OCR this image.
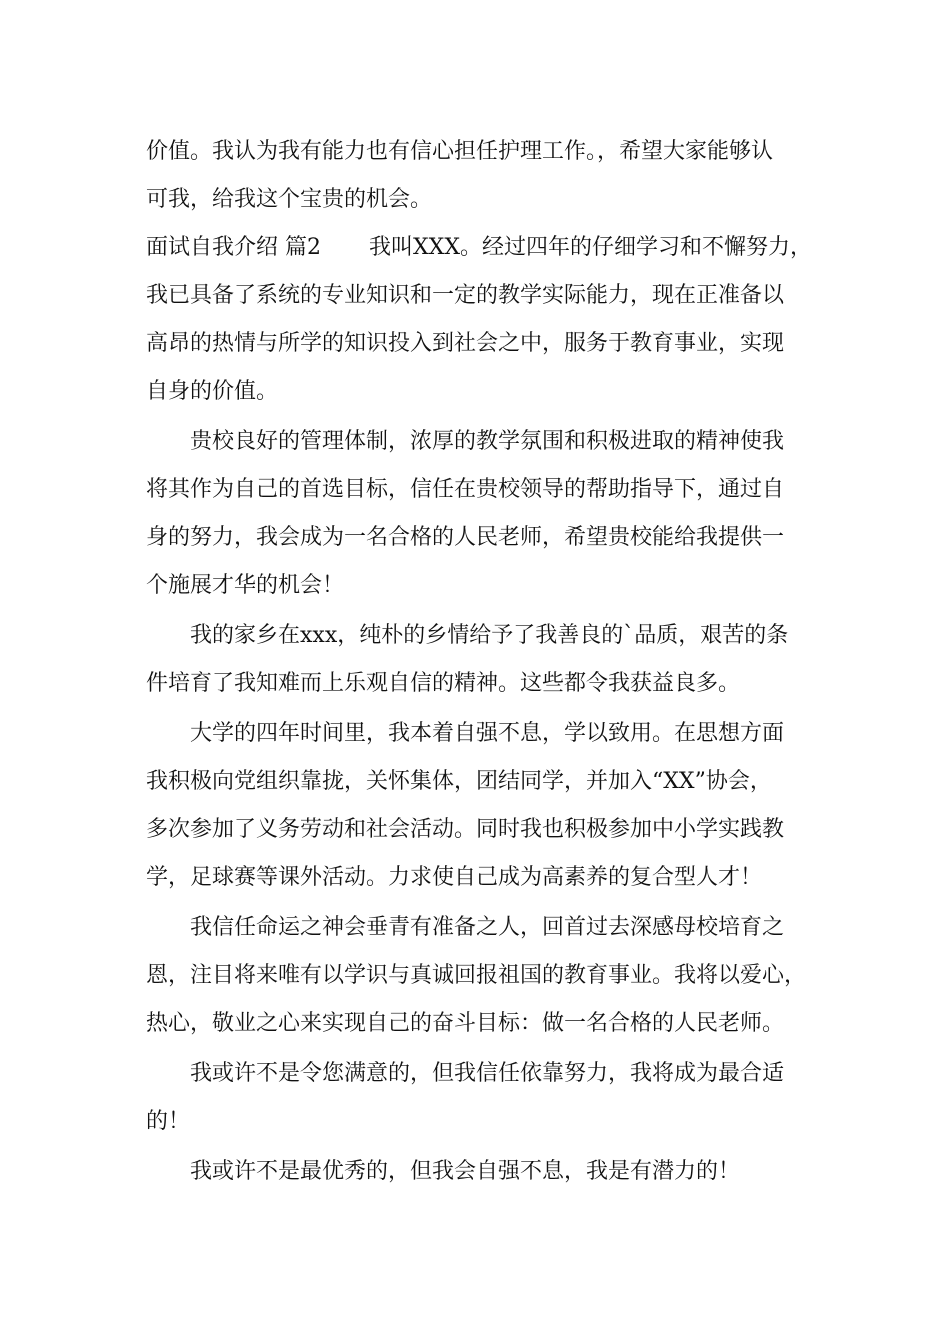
价值。我认为我有能力也有信心担任护理工作。，希望大家能够认
可我，给我这个宝贵的机会。
面试自我介绍 篇2 我叫XXX。经过四年的仔细学习和不懈努力，
我已具备了系统的专业知识和一定的教学实际能力，现在正准备以
高昂的热情与所学的知识投入到社会之中，服务于教育事业，实现
自身的价值。
贵校良好的管理体制，浓厚的教学氛围和积极进取的精神使我
将其作为自己的首选目标，信任在贵校领导的帮助指导下，通过自
身的努力，我会成为一名合格的人民老师，希望贵校能给我提供一
个施展才华的机会！
我的家乡在xxx，纯朴的乡情给予了我善良的`品质，艰苦的条
件培育了我知难而上乐观自信的精神。这些都令我获益良多。
大学的四年时间里，我本着自强不息，学以致用。在思想方面
我积极向党组织靠拢，关怀集体，团结同学，并加入“XX”协会，
多次参加了义务劳动和社会活动。同时我也积极参加中小学实践教
学，足球赛等课外活动。力求使自己成为高素养的复合型人才！
我信任命运之神会垂青有准备之人，回首过去深感母校培育之
恩，注目将来唯有以学识与真诚回报祖国的教育事业。我将以爱心，
热心，敬业之心来实现自己的奋斗目标：做一名合格的人民老师。
我或许不是令您满意的，但我信任依靠努力，我将成为最合适
的！
我或许不是最优秀的，但我会自强不息，我是有潜力的！
